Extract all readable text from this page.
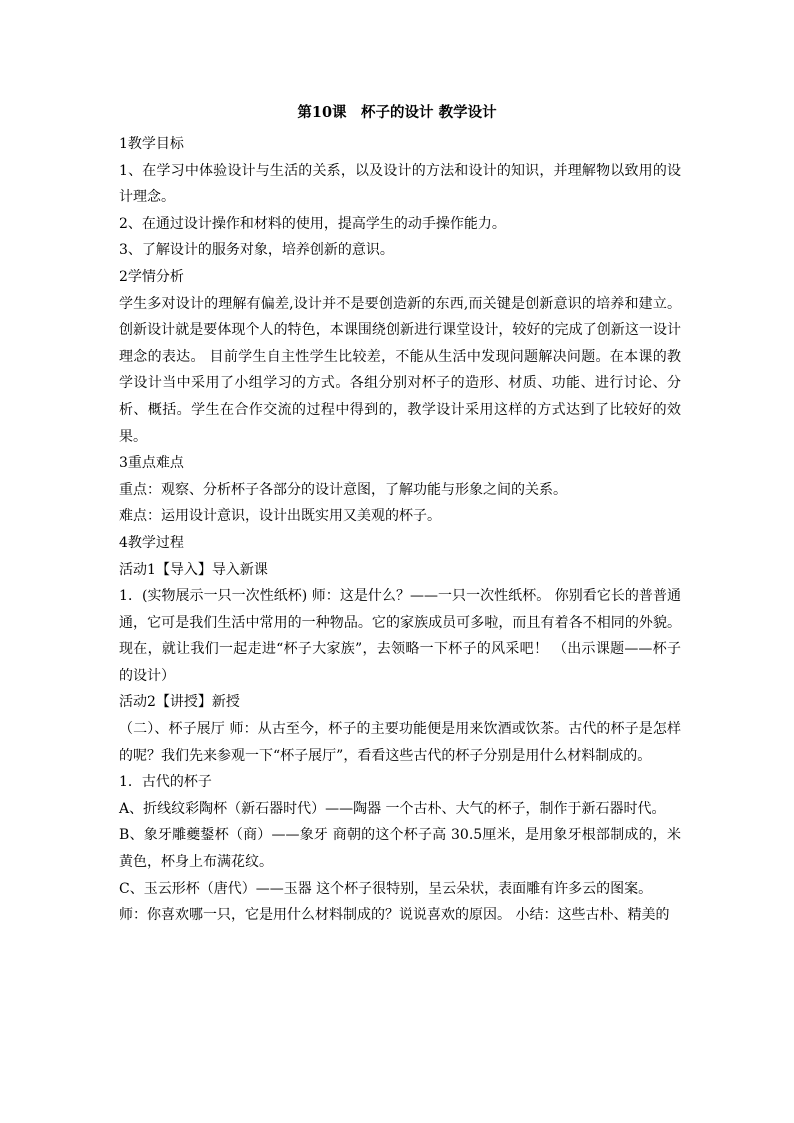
第10课　杯子的设计 教学设计

1教学目标

1、在学习中体验设计与生活的关系，以及设计的方法和设计的知识，并理解物以致用的设计理念。

2、在通过设计操作和材料的使用，提高学生的动手操作能力。

3、了解设计的服务对象，培养创新的意识。

2学情分析

学生多对设计的理解有偏差,设计并不是要创造新的东西,而关键是创新意识的培养和建立。创新设计就是要体现个人的特色，本课围绕创新进行课堂设计，较好的完成了创新这一设计理念的表达。 目前学生自主性学生比较差，不能从生活中发现问题解决问题。在本课的教学设计当中采用了小组学习的方式。各组分别对杯子的造形、材质、功能、进行讨论、分析、概括。学生在合作交流的过程中得到的，教学设计采用这样的方式达到了比较好的效果。

3重点难点

重点：观察、分析杯子各部分的设计意图，了解功能与形象之间的关系。

难点：运用设计意识，设计出既实用又美观的杯子。

4教学过程

活动1【导入】导入新课

1．(实物展示一只一次性纸杯) 师：这是什么？——一只一次性纸杯。 你别看它长的普普通通，它可是我们生活中常用的一种物品。它的家族成员可多啦，而且有着各不相同的外貌。现在，就让我们一起走进“杯子大家族”，去领略一下杯子的风采吧！ （出示课题——杯子的设计）

活动2【讲授】新授

（二）、杯子展厅 师：从古至今，杯子的主要功能便是用来饮酒或饮茶。古代的杯子是怎样的呢？我们先来参观一下“杯子展厅”，看看这些古代的杯子分别是用什么材料制成的。

1．古代的杯子

A、折线纹彩陶杯（新石器时代）——陶器 一个古朴、大气的杯子，制作于新石器时代。

B、象牙雕夔鋬杯（商）——象牙 商朝的这个杯子高 30.5厘米，是用象牙根部制成的，米黄色，杯身上布满花纹。

C、玉云形杯（唐代）——玉器 这个杯子很特别，呈云朵状，表面雕有许多云的图案。

师：你喜欢哪一只，它是用什么材料制成的？说说喜欢的原因。 小结：这些古朴、精美的
